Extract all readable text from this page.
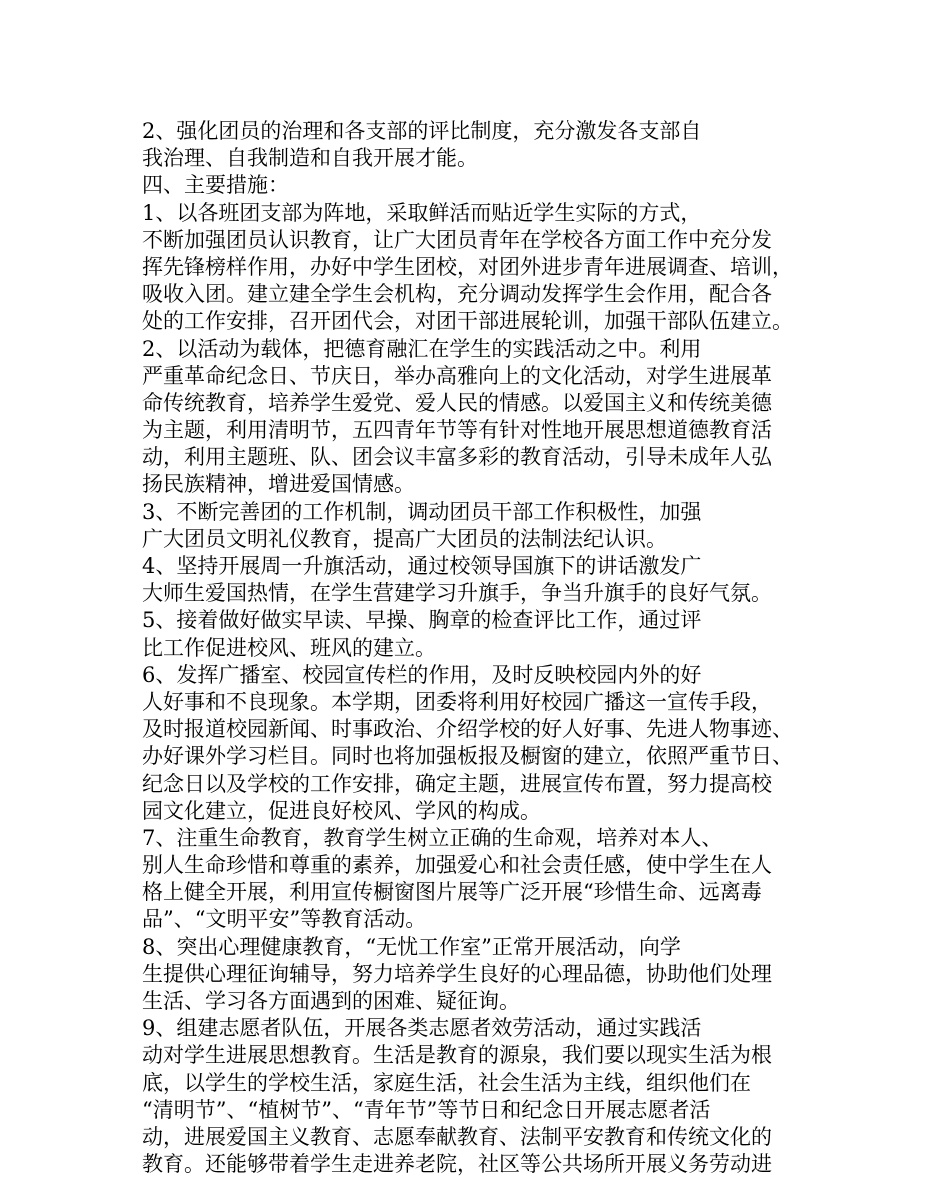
2、强化团员的治理和各支部的评比制度，充分激发各支部自
我治理、自我制造和自我开展才能。

四、主要措施：

1、以各班团支部为阵地，采取鲜活而贴近学生实际的方式，
不断加强团员认识教育，让广大团员青年在学校各方面工作中充分发
挥先锋榜样作用，办好中学生团校，对团外进步青年进展调查、培训，
吸收入团。建立建全学生会机构，充分调动发挥学生会作用，配合各
处的工作安排，召开团代会，对团干部进展轮训，加强干部队伍建立。

2、以活动为载体，把德育融汇在学生的实践活动之中。利用
严重革命纪念日、节庆日，举办高雅向上的文化活动，对学生进展革
命传统教育，培养学生爱党、爱人民的情感。以爱国主义和传统美德
为主题，利用清明节，五四青年节等有针对性地开展思想道德教育活
动，利用主题班、队、团会议丰富多彩的教育活动，引导未成年人弘
扬民族精神，增进爱国情感。

3、不断完善团的工作机制，调动团员干部工作积极性，加强
广大团员文明礼仪教育，提高广大团员的法制法纪认识。

4、坚持开展周一升旗活动，通过校领导国旗下的讲话激发广
大师生爱国热情，在学生营建学习升旗手，争当升旗手的良好气氛。

5、接着做好做实早读、早操、胸章的检查评比工作，通过评
比工作促进校风、班风的建立。

6、发挥广播室、校园宣传栏的作用，及时反映校园内外的好
人好事和不良现象。本学期，团委将利用好校园广播这一宣传手段，
及时报道校园新闻、时事政治、介绍学校的好人好事、先进人物事迹、
办好课外学习栏目。同时也将加强板报及橱窗的建立，依照严重节日、
纪念日以及学校的工作安排，确定主题，进展宣传布置，努力提高校
园文化建立，促进良好校风、学风的构成。

7、注重生命教育，教育学生树立正确的生命观，培养对本人、
别人生命珍惜和尊重的素养，加强爱心和社会责任感，使中学生在人
格上健全开展，利用宣传橱窗图片展等广泛开展“珍惜生命、远离毒
品”、“文明平安”等教育活动。

8、突出心理健康教育，“无忧工作室”正常开展活动，向学
生提供心理征询辅导，努力培养学生良好的心理品德，协助他们处理
生活、学习各方面遇到的困难、疑征询。

9、组建志愿者队伍，开展各类志愿者效劳活动，通过实践活
动对学生进展思想教育。生活是教育的源泉，我们要以现实生活为根
底，以学生的学校生活，家庭生活，社会生活为主线，组织他们在
“清明节”、“植树节”、“青年节”等节日和纪念日开展志愿者活
动，进展爱国主义教育、志愿奉献教育、法制平安教育和传统文化的
教育。还能够带着学生走进养老院，社区等公共场所开展义务劳动进
